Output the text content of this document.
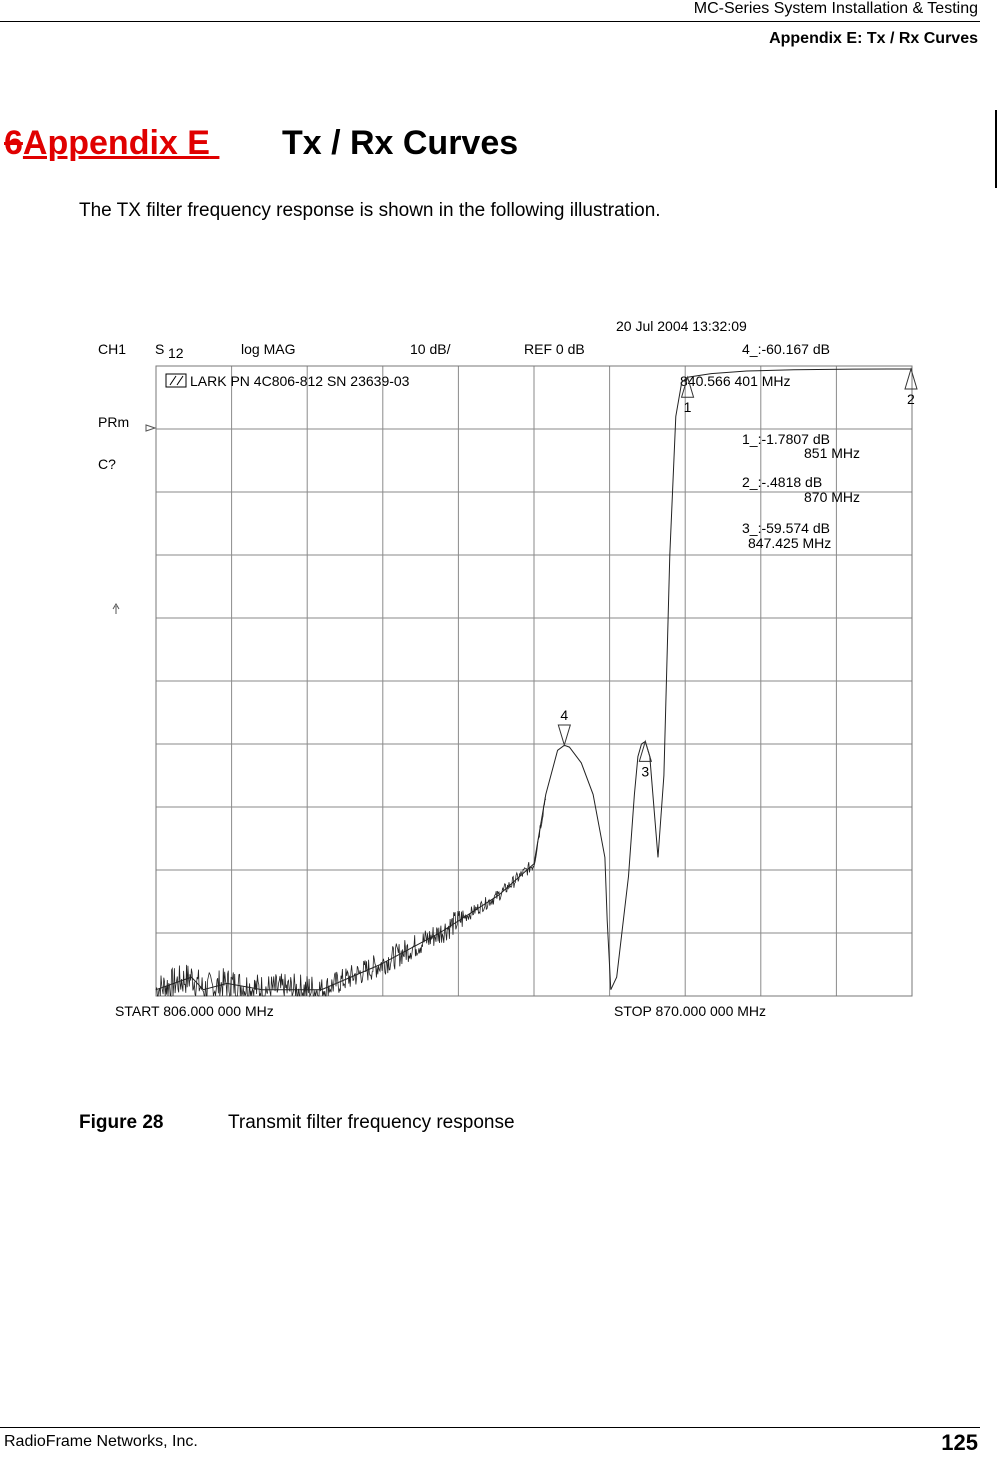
MC-Series System Installation & Testing
Appendix E: Tx / Rx Curves
6Appendix E Tx / Rx Curves
The TX filter frequency response is shown in the following illustration.
20 Jul 2004 13:32:09
CH1 S 12	log MAG	10 dB/	REF 0 dB	4_:-60.167 dB
840.566 401 MHz
LARK PN 4C806-812 SN 23639-03
PRm
C?
1_:-1.7807 dB
851 MHz
2_:-.4818 dB
870 MHz
3_:-59.574 dB
847.425 MHz
1
2
3
4
START 806.000 000 MHz	STOP 870.000 000 MHz
Figure 28	Transmit filter frequency response
RadioFrame Networks, Inc.	125
